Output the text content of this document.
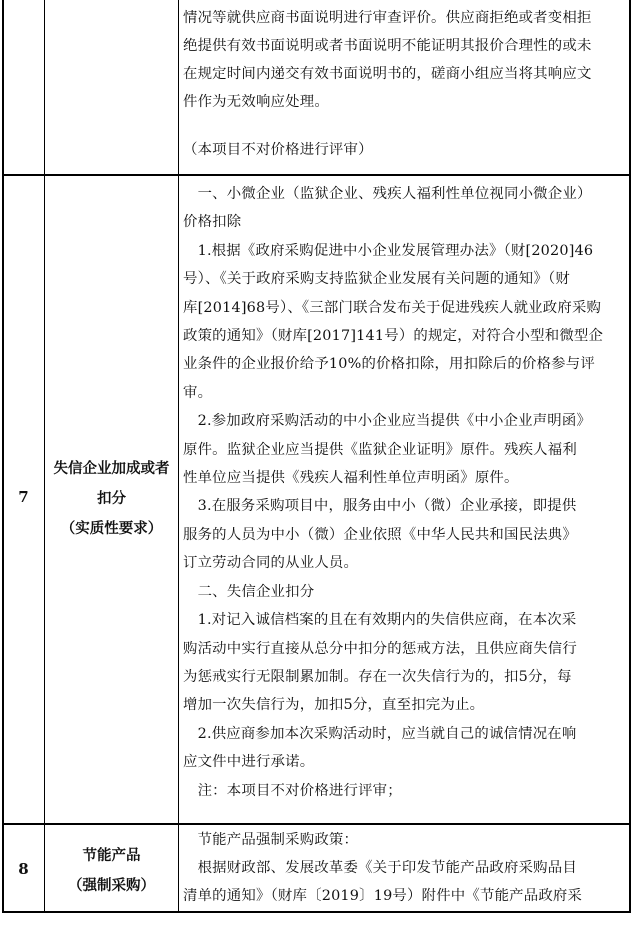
情况等就供应商书面说明进行审查评价。供应商拒绝或者变相拒
绝提供有效书面说明或者书面说明不能证明其报价合理性的或未
在规定时间内递交有效书面说明书的，磋商小组应当将其响应文
件作为无效响应处理。
（本项目不对价格进行评审）
7
失信企业加成或者
扣分
（实质性要求）
　一、小微企业（监狱企业、残疾人福利性单位视同小微企业）
价格扣除
　1.根据《政府采购促进中小企业发展管理办法》（财[2020]46
号）、《关于政府采购支持监狱企业发展有关问题的通知》（财
库[2014]68号）、《三部门联合发布关于促进残疾人就业政府采购
政策的通知》（财库[2017]141号）的规定，对符合小型和微型企
业条件的企业报价给予10%的价格扣除，用扣除后的价格参与评
审。
　2.参加政府采购活动的中小企业应当提供《中小企业声明函》
原件。监狱企业应当提供《监狱企业证明》原件。残疾人福利
性单位应当提供《残疾人福利性单位声明函》原件。
　3.在服务采购项目中，服务由中小（微）企业承接，即提供
服务的人员为中小（微）企业依照《中华人民共和国民法典》
订立劳动合同的从业人员。
　二、失信企业扣分
　1.对记入诚信档案的且在有效期内的失信供应商，在本次采
购活动中实行直接从总分中扣分的惩戒方法，且供应商失信行
为惩戒实行无限制累加制。存在一次失信行为的，扣5分，每
增加一次失信行为，加扣5分，直至扣完为止。
　2.供应商参加本次采购活动时，应当就自己的诚信情况在响
应文件中进行承诺。
　注：本项目不对价格进行评审；
8
节能产品
（强制采购）
　节能产品强制采购政策：
　根据财政部、发展改革委《关于印发节能产品政府采购品目
清单的通知》（财库〔2019〕19号）附件中《节能产品政府采
